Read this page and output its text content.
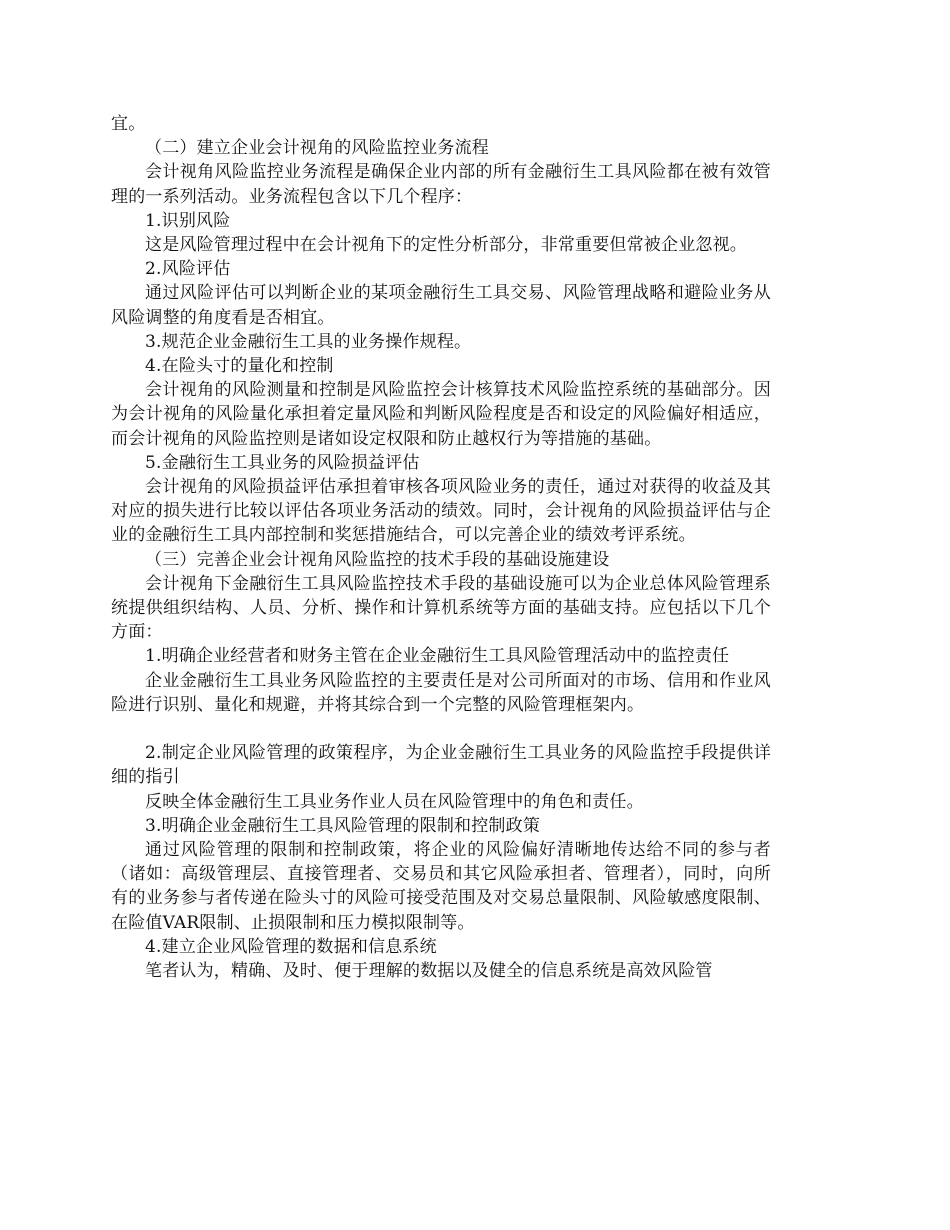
宜。

（二）建立企业会计视角的风险监控业务流程

会计视角风险监控业务流程是确保企业内部的所有金融衍生工具风险都在被有效管理的一系列活动。业务流程包含以下几个程序：

1.识别风险

这是风险管理过程中在会计视角下的定性分析部分，非常重要但常被企业忽视。

2.风险评估

通过风险评估可以判断企业的某项金融衍生工具交易、风险管理战略和避险业务从风险调整的角度看是否相宜。

3.规范企业金融衍生工具的业务操作规程。

4.在险头寸的量化和控制

会计视角的风险测量和控制是风险监控会计核算技术风险监控系统的基础部分。因为会计视角的风险量化承担着定量风险和判断风险程度是否和设定的风险偏好相适应，而会计视角的风险监控则是诸如设定权限和防止越权行为等措施的基础。

5.金融衍生工具业务的风险损益评估

会计视角的风险损益评估承担着审核各项风险业务的责任，通过对获得的收益及其对应的损失进行比较以评估各项业务活动的绩效。同时，会计视角的风险损益评估与企业的金融衍生工具内部控制和奖惩措施结合，可以完善企业的绩效考评系统。

（三）完善企业会计视角风险监控的技术手段的基础设施建设

会计视角下金融衍生工具风险监控技术手段的基础设施可以为企业总体风险管理系统提供组织结构、人员、分析、操作和计算机系统等方面的基础支持。应包括以下几个方面：

1.明确企业经营者和财务主管在企业金融衍生工具风险管理活动中的监控责任

企业金融衍生工具业务风险监控的主要责任是对公司所面对的市场、信用和作业风险进行识别、量化和规避，并将其综合到一个完整的风险管理框架内。

2.制定企业风险管理的政策程序，为企业金融衍生工具业务的风险监控手段提供详细的指引

反映全体金融衍生工具业务作业人员在风险管理中的角色和责任。

3.明确企业金融衍生工具风险管理的限制和控制政策

通过风险管理的限制和控制政策，将企业的风险偏好清晰地传达给不同的参与者（诸如：高级管理层、直接管理者、交易员和其它风险承担者、管理者），同时，向所有的业务参与者传递在险头寸的风险可接受范围及对交易总量限制、风险敏感度限制、在险值VAR限制、止损限制和压力模拟限制等。

4.建立企业风险管理的数据和信息系统

笔者认为，精确、及时、便于理解的数据以及健全的信息系统是高效风险管
